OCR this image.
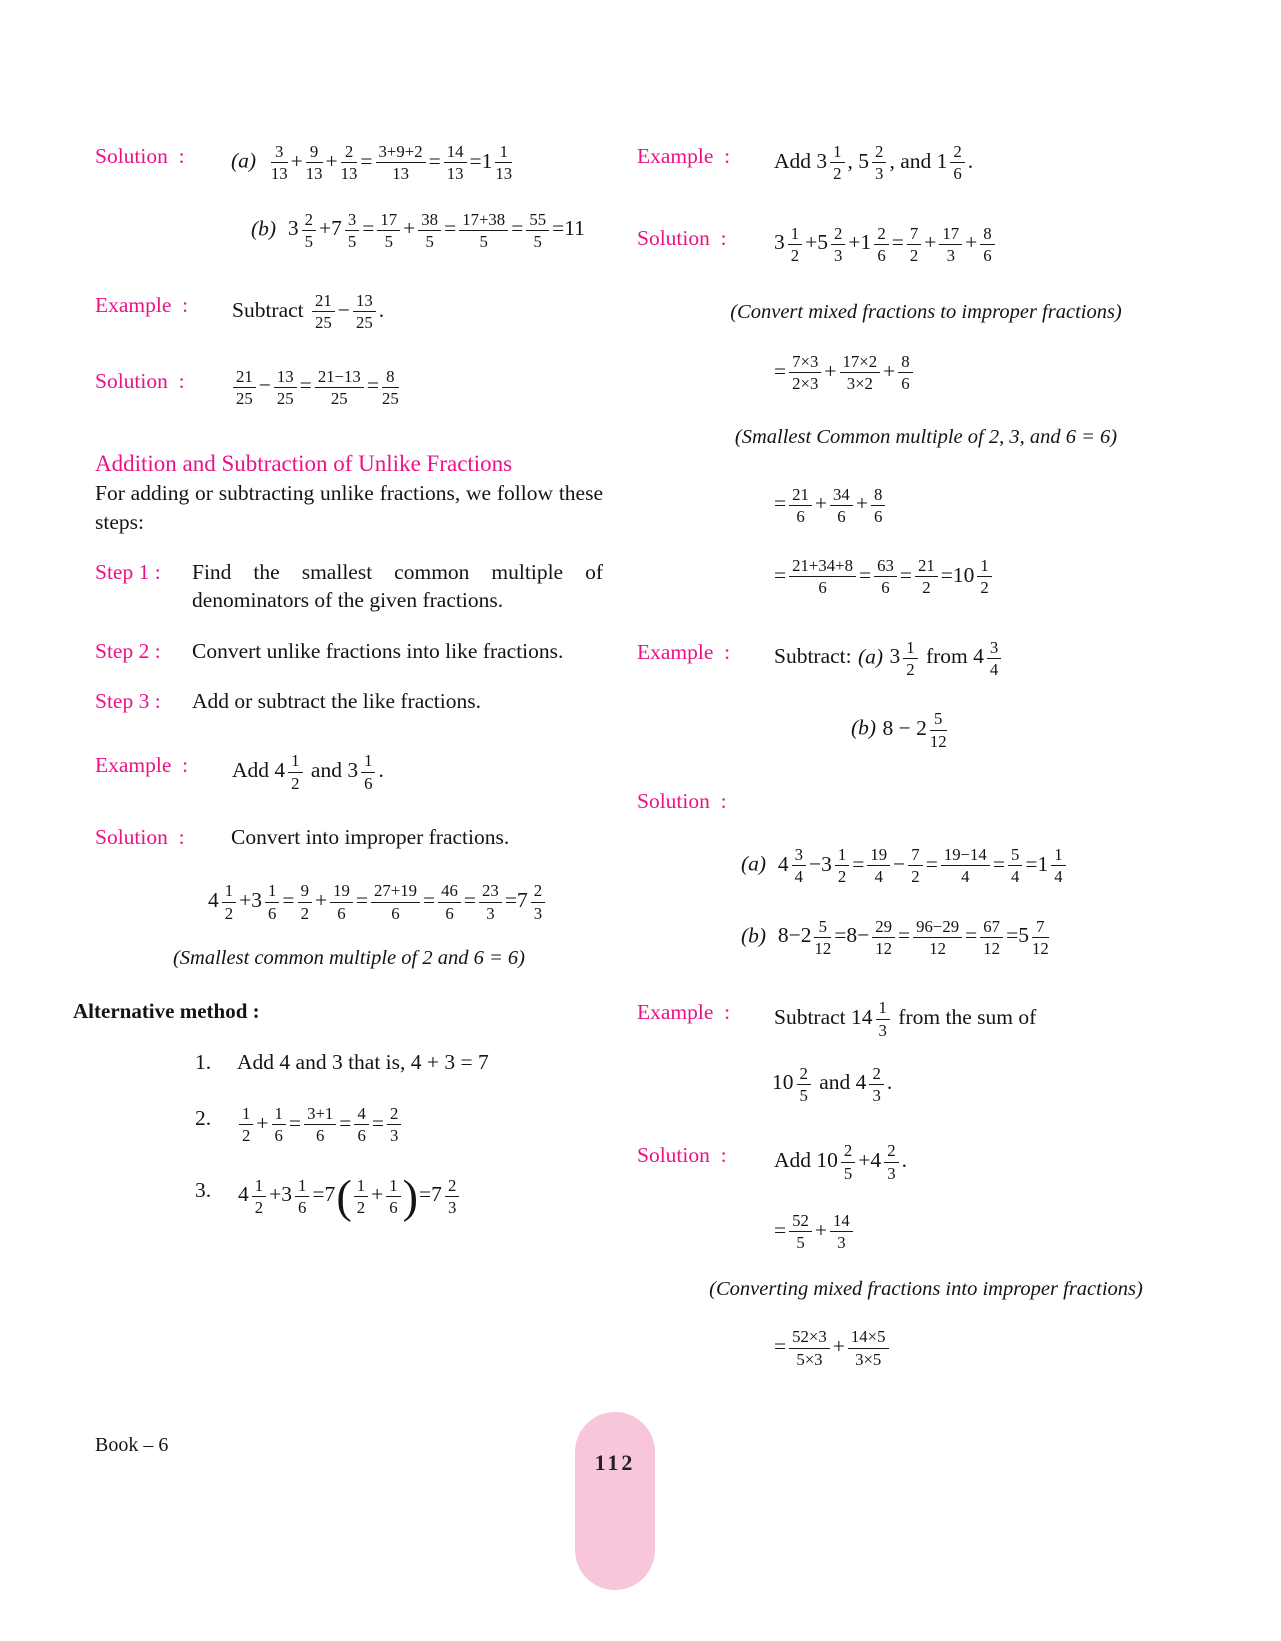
Solution  :	$(a) \frac{3}{13} + \frac{9}{13} + \frac{2}{13} = \frac{3+9+2}{13} = \frac{14}{13} =1 \frac{1}{13}$
(b)  $3 \frac{2}{5} +7 \frac{3}{5} = \frac{17}{5} + \frac{38}{5} = \frac{17+38}{5} = \frac{55}{5} =11$
Example  :	Subtract $\frac{21}{25} - \frac{13}{25}$ .
Solution  :	$\frac{21}{25} - \frac{13}{25} = \frac{21-13}{25} = \frac{8}{25}$
Addition and Subtraction of Unlike Fractions
For adding or subtracting unlike fractions, we follow these steps:
Step 1 :	Find the smallest common multiple of denominators of the given fractions.
Step 2 :	Convert unlike fractions into like fractions.
Step 3 :	Add or subtract the like fractions.
Example  :	Add $4 \frac{1}{2}$ and $3 \frac{1}{6}$ .
Solution  :	Convert into improper fractions.
$4 \frac{1}{2} +3 \frac{1}{6} = \frac{9}{2} + \frac{19}{6} = \frac{27+19}{6} = \frac{46}{6} = \frac{23}{3} =7 \frac{2}{3}$
(Smallest common multiple of 2 and 6 = 6)
Alternative method :
1.	Add 4 and 3 that is, 4 + 3 = 7
2.	$\frac{1}{2} + \frac{1}{6} = \frac{3+1}{6} = \frac{4}{6} = \frac{2}{3}$
3.	$4 \frac{1}{2} +3 \frac{1}{6} =7( \frac{1}{2} + \frac{1}{6} )=7 \frac{2}{3}$
Example  :	Add $3 \frac{1}{2}$ , $5 \frac{2}{3}$ , and $1 \frac{2}{6}$ .
Solution  :	$3 \frac{1}{2} +5 \frac{2}{3} +1 \frac{2}{6} = \frac{7}{2} + \frac{17}{3} + \frac{8}{6}$
(Convert mixed fractions to improper fractions)
= $\frac{7\times 3}{2\times 3} + \frac{17\times 2}{3\times 2} + \frac{8}{6}$
(Smallest Common multiple of 2, 3, and 6 = 6)
= $\frac{21}{6} + \frac{34}{6} + \frac{8}{6}$
= $\frac{21+34+8}{6} = \frac{63}{6} = \frac{21}{2} =10 \frac{1}{2}$
Example  :	Subtract: (a) $3 \frac{1}{2}$ from $4 \frac{3}{4}$
(b) $8 - 2 \frac{5}{12}$
Solution  :
(a)  $4 \frac{3}{4} -3 \frac{1}{2} = \frac{19}{4} - \frac{7}{2} = \frac{19-14}{4} = \frac{5}{4} =1 \frac{1}{4}$
(b)  $8-2 \frac{5}{12} =8- \frac{29}{12} = \frac{96-29}{12} = \frac{67}{12} =5 \frac{7}{12}$
Example  :	Subtract $14 \frac{1}{3}$ from the sum of
$10 \frac{2}{5}$ and $4 \frac{2}{3}$ .
Solution  :	Add $10 \frac{2}{5} +4 \frac{2}{3}$ .
= $\frac{52}{5} + \frac{14}{3}$
(Converting mixed fractions into improper fractions)
= $\frac{52\times 3}{5\times 3} + \frac{14\times 5}{3\times 5}$
Book – 6
112
